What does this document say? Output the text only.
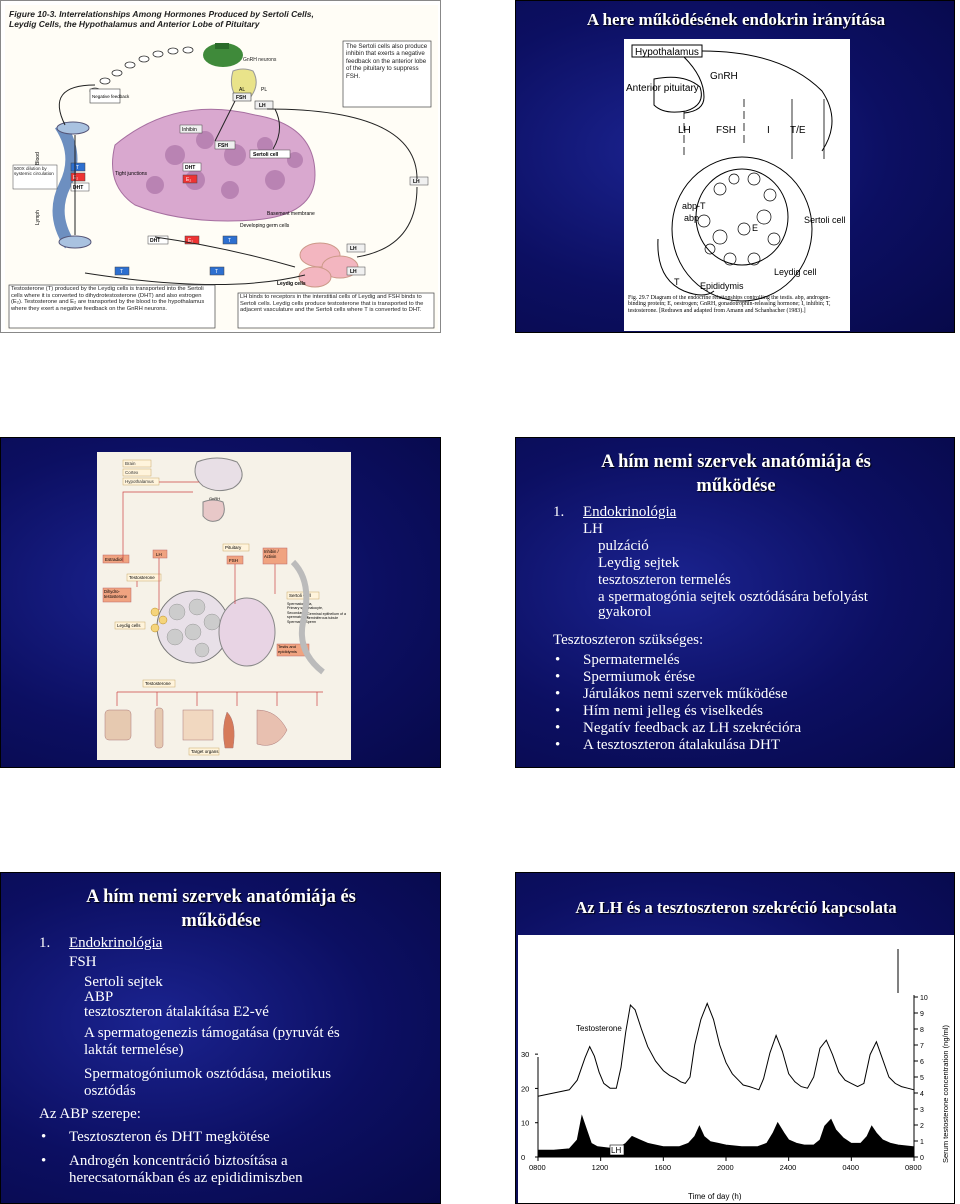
Figure 10-3. Interrelationships Among Hormones Produced by Sertoli Cells,
Leydig Cells, the Hypothalamus and Anterior Lobe of Pituitary
GnRH neurons
FSH
LH
AL	PL
Negative feedback
The Sertoli cells also produce inhibin that exerts a negative feedback on the anterior lobe of the pituitary to suppress FSH.
Sertoli cell
Inhibin
FSH
DHT
E₂
Tight junctions
Basement membrane
Developing germ cells
LH
LH
Leydig cells
Blood
Lymph
T
E₂
DHT
500X dilution by systemic circulation
DHT	E₂	T
T	T
LH
Testosterone (T) produced by the Leydig cells is transported into the Sertoli cells where it is converted to dihydrotestosterone (DHT) and also estrogen (E₂). Testosterone and E₂ are transported by the blood to the hypothalamus where they exert a negative feedback on the GnRH neurons.
LH binds to receptors in the interstitial cells of Leydig and FSH binds to Sertoli cells. Leydig cells produce testosterone that is transported to the adjacent vasculature and the Sertoli cells where T is converted to DHT.
A here működésének endokrin irányítása
Hypothalamus
GnRH
Anterior pituitary
LH	FSH	I T/E
abp-T
abp
E
Sertoli cell
Leydig cell
T Epididymis
Fig. 29.7 Diagram of the endocrine relationships controlling the testis. abp, androgen-binding protein; E, oestrogen; GnRH, gonadotrophin-releasing hormone; I, inhibin; T, testosterone. [Redrawn and adapted from Amann and Schanbacher (1983).]
Brain
Cortex
Hypothalamus
GnRH
Pituitary
Estradiol
LH
FSH
Inhibin / Activin
Testosterone
Dihydro-testosterone
Leydig cells
Sertoli Cell
Spermatogonia, Primary spermatocyte, Secondary spermatocyte, Spermatid, Sperm
Germinal epithelium of a seminiferous tubule
Testis and epididymis
Testosterone
Target organs
A hím nemi szervek anatómiája és működése
1. Endokrinológia
LH
pulzáció
Leydig sejtek
tesztoszteron termelés
a spermatogónia sejtek osztódására befolyást
gyakorol
Tesztoszteron szükséges:
• Spermatermelés
• Spermiumok érése
• Járulákos nemi szervek működése
• Hím nemi jelleg és viselkedés
• Negatív feedback az LH szekrécióra
• A tesztoszteron átalakulása DHT
A hím nemi szervek anatómiája és működése
1. Endokrinológia
FSH
Sertoli sejtek
ABP
tesztoszteron átalakítása E2-vé
A spermatogenezis támogatása (pyruvát és
laktát termelése)
Spermatogóniumok osztódása, meiotikus
osztódás
Az ABP szerepe:
• Tesztoszteron és DHT megkötése
• Androgén koncentráció biztosítása a
herecsatornákban és az epididimiszben
Az LH és a tesztoszteron szekréció kapcsolata
0800	1200	1600	2000	2400	0400	0800
0
10
20
30
0
1
2
3
4
5
6
7
8
9
10
Testosterone
LH
Time of day (h)
Serum testosterone concentration (ng/ml)
